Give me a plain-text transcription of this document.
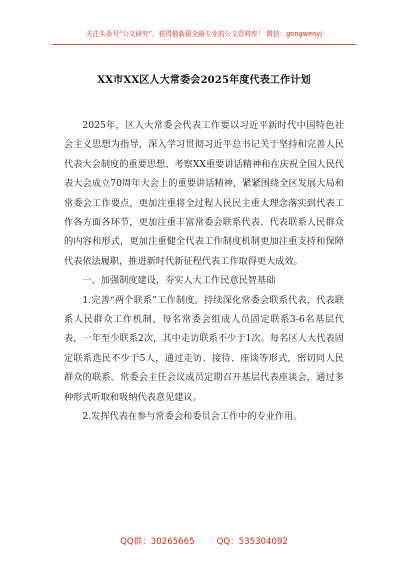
关注头条号“公文研究”，获得最新最全最专业的公文资料库！ 微信：gongwenyj
XX市XX区人大常委会2025年度代表工作计划

2025年，区人大常委会代表工作要以习近平新时代中国特色社会主义思想为指导，深入学习贯彻习近平总书记关于坚持和完善人民代表大会制度的重要思想、考察XX重要讲话精神和在庆祝全国人民代表大会成立70周年大会上的重要讲话精神，紧紧围绕全区发展大局和常委会工作要点，更加注重将全过程人民民主重大理念落实到代表工作各方面各环节，更加注重丰富常委会联系代表、代表联系人民群众的内容和形式，更加注重健全代表工作制度机制更加注重支持和保障代表依法履职，推进新时代新征程代表工作取得更大成效。

一、加强制度建设，夯实人大工作民意民智基础

1.完善“两个联系”工作制度。持续深化常委会联系代表，代表联系人民群众工作机制，每名常委会组成人员固定联系3-6名基层代表，一年至少联系2次，其中走访联系不少于1次。每名区人大代表固定联系选民不少于5人，通过走访、接待、座谈等形式，密切同人民群众的联系。常委会主任会议成员定期召开基层代表座谈会，通过多种形式听取和吸纳代表意见建议。

2.发挥代表在参与常委会和委员会工作中的专业作用。

QQ群：30265665	QQ：535304092
